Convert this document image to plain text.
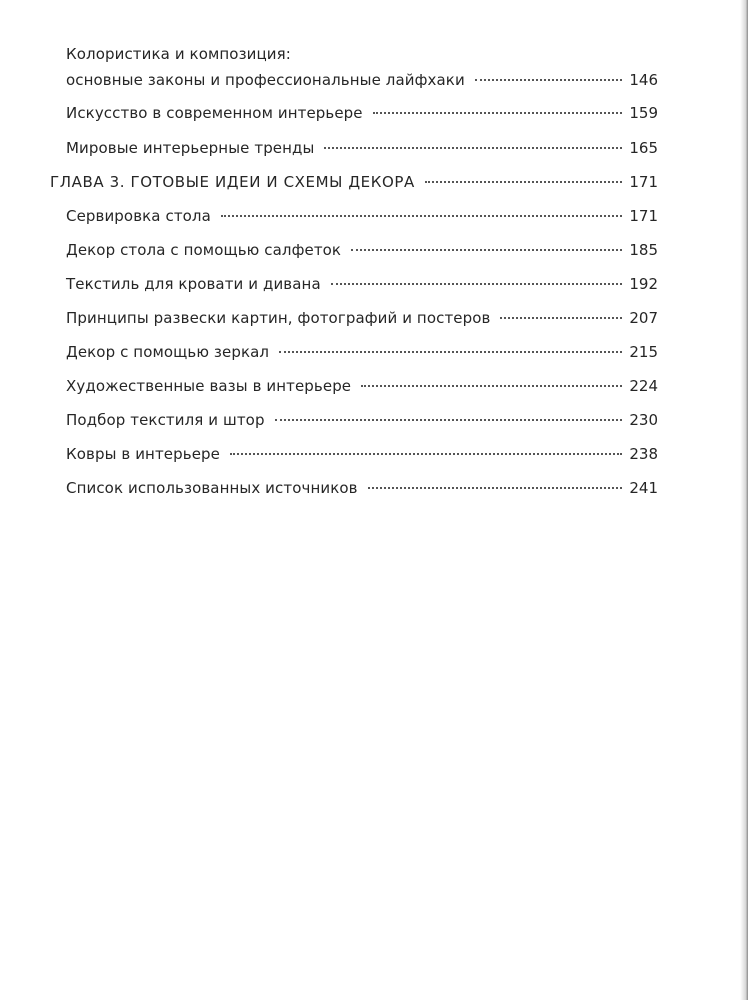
Колористика и композиция:
основные законы и профессиональные лайфхаки	146
Искусство в современном интерьере	159
Мировые интерьерные тренды	165
ГЛАВА 3. ГОТОВЫЕ ИДЕИ И СХЕМЫ ДЕКОРА	171
Сервировка стола	171
Декор стола с помощью салфеток	185
Текстиль для кровати и дивана	192
Принципы развески картин, фотографий и постеров	207
Декор с помощью зеркал	215
Художественные вазы в интерьере	224
Подбор текстиля и штор	230
Ковры в интерьере	238
Список использованных источников	241
